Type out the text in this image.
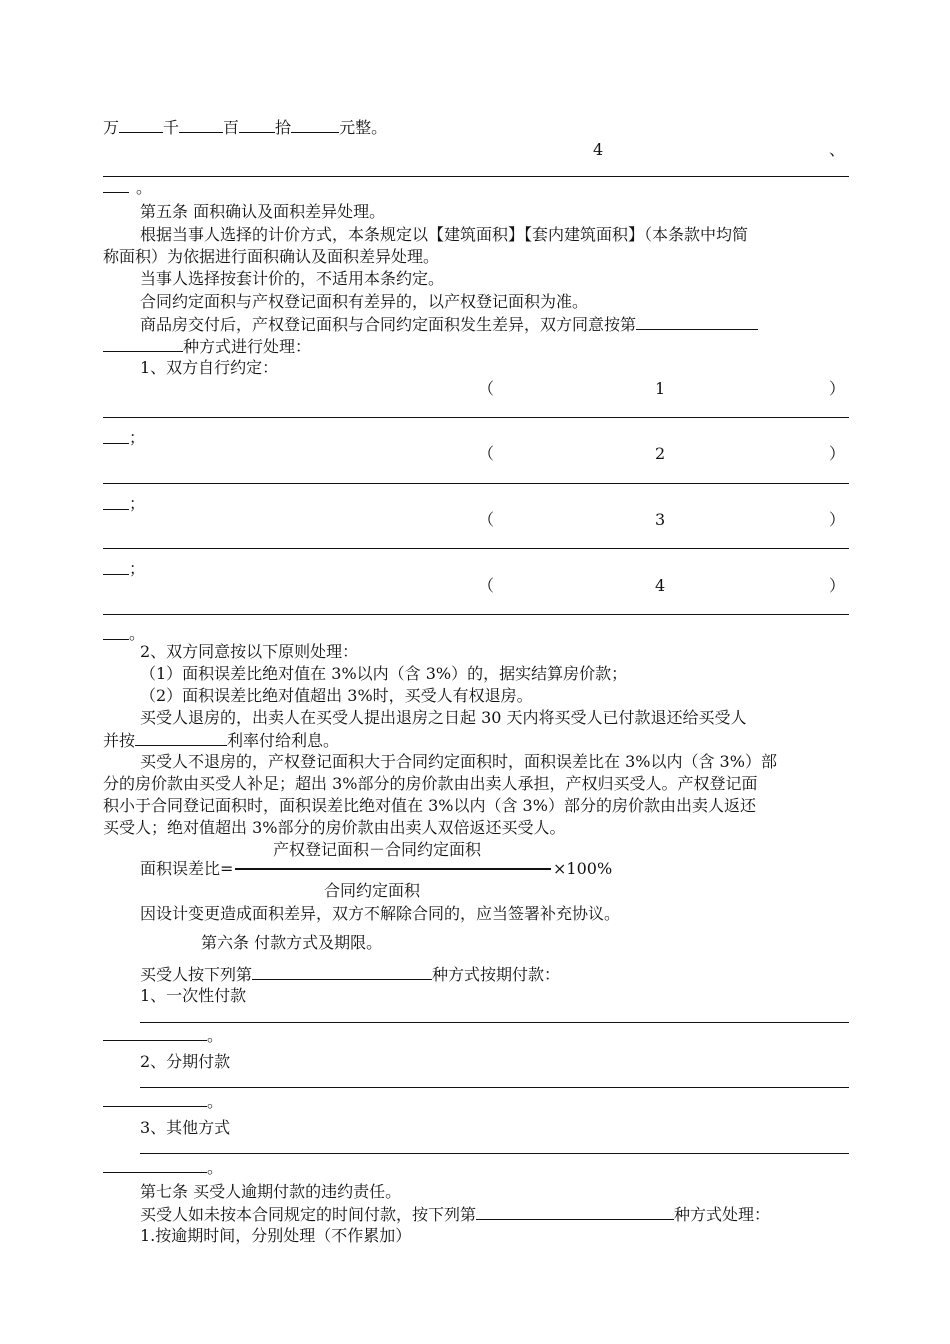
万	千	百 拾	元整。
4	、
。
第五条 面积确认及面积差异处理。
根据当事人选择的计价方式，本条规定以【建筑面积】【套内建筑面积】（本条款中均简
称面积）为依据进行面积确认及面积差异处理。
当事人选择按套计价的，不适用本条约定。
合同约定面积与产权登记面积有差异的，以产权登记面积为准。
商品房交付后，产权登记面积与合同约定面积发生差异，双方同意按第
种方式进行处理：
1、双方自行约定：
（	1	）
；
（	2	）
；
（	3	）
；
（	4	）
。
2、双方同意按以下原则处理：
（1）面积误差比绝对值在 3%以内（含 3%）的，据实结算房价款；
（2）面积误差比绝对值超出 3%时，买受人有权退房。
买受人退房的，出卖人在买受人提出退房之日起 30 天内将买受人已付款退还给买受人
并按	利率付给利息。
买受人不退房的，产权登记面积大于合同约定面积时，面积误差比在 3%以内（含 3%）部
分的房价款由买受人补足；超出 3%部分的房价款由出卖人承担，产权归买受人。产权登记面
积小于合同登记面积时，面积误差比绝对值在 3%以内（含 3%）部分的房价款由出卖人返还
买受人；绝对值超出 3%部分的房价款由出卖人双倍返还买受人。
产权登记面积－合同约定面积
面积误差比=	×100%
合同约定面积
因设计变更造成面积差异，双方不解除合同的，应当签署补充协议。
第六条 付款方式及期限。
买受人按下列第	种方式按期付款：
1、一次性付款
。
2、分期付款
。
3、其他方式
。
第七条 买受人逾期付款的违约责任。
买受人如未按本合同规定的时间付款，按下列第	种方式处理：
1.按逾期时间，分别处理（不作累加）
